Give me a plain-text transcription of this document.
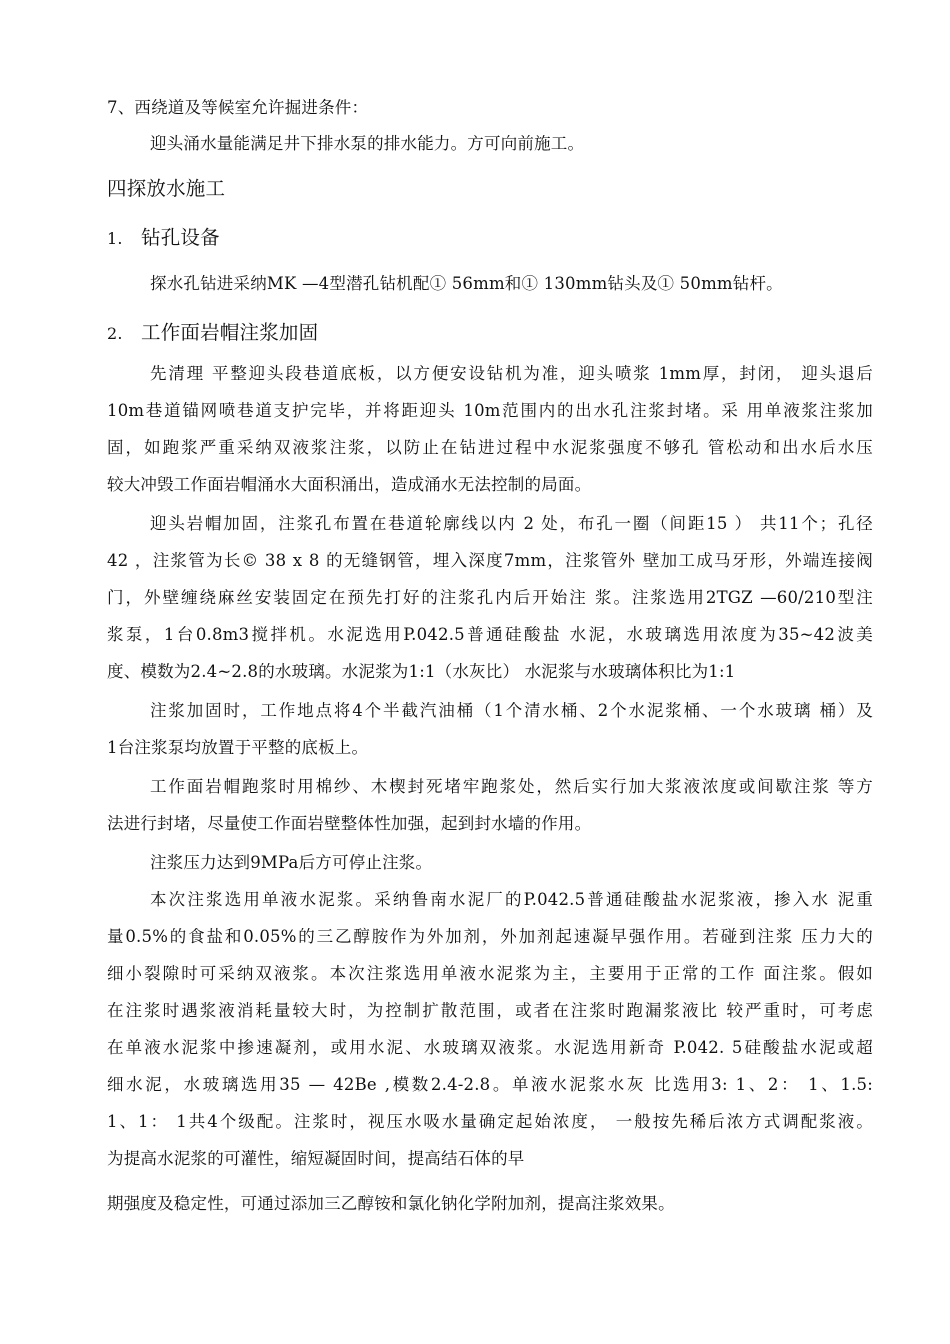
7、西绕道及等候室允许掘进条件：
迎头涌水量能满足井下排水泵的排水能力。方可向前施工。
四探放水施工
1. 钻孔设备
探水孔钻进采纳MK —4型潜孔钻机配① 56mm和① 130mm钻头及① 50mm钻杆。
2. 工作面岩帽注浆加固
先清理 平整迎头段巷道底板，以方便安设钻机为准，迎头喷浆 1mm厚，封闭， 迎头退后
10m巷道锚网喷巷道支护完毕，并将距迎头 10m范围内的出水孔注浆封堵。采 用单液浆注浆加
固，如跑浆严重采纳双液浆注浆，以防止在钻进过程中水泥浆强度不够孔 管松动和出水后水压
较大冲毁工作面岩帽涌水大面积涌出，造成涌水无法控制的局面。
迎头岩帽加固，注浆孔布置在巷道轮廓线以内 2 处，布孔一圈（间距15 ） 共11个；孔径
42 ，注浆管为长© 38 x 8 的无缝钢管，埋入深度7mm，注浆管外 壁加工成马牙形，外端连接阀
门，外壁缠绕麻丝安装固定在预先打好的注浆孔内后开始注 浆。注浆选用2TGZ —60/210型注
浆泵，1台0.8m3搅拌机。水泥选用P.042.5普通硅酸盐 水泥，水玻璃选用浓度为35~42波美
度、模数为2.4~2.8的水玻璃。水泥浆为1:1（水灰比） 水泥浆与水玻璃体积比为1:1
注浆加固时，工作地点将4个半截汽油桶（1个清水桶、2个水泥浆桶、一个水玻璃 桶）及
1台注浆泵均放置于平整的底板上。
工作面岩帽跑浆时用棉纱、木楔封死堵牢跑浆处，然后实行加大浆液浓度或间歇注浆 等方
法进行封堵，尽量使工作面岩壁整体性加强，起到封水墙的作用。
注浆压力达到9MPa后方可停止注浆。
本次注浆选用单液水泥浆。采纳鲁南水泥厂的P.042.5普通硅酸盐水泥浆液，掺入水 泥重
量0.5%的食盐和0.05%的三乙醇胺作为外加剂，外加剂起速凝早强作用。若碰到注浆 压力大的
细小裂隙时可采纳双液浆。本次注浆选用单液水泥浆为主，主要用于正常的工作 面注浆。假如
在注浆时遇浆液消耗量较大时，为控制扩散范围，或者在注浆时跑漏浆液比 较严重时，可考虑
在单液水泥浆中掺速凝剂，或用水泥、水玻璃双液浆。水泥选用新奇 P.042. 5硅酸盐水泥或超
细水泥，水玻璃选用35 — 42Be ,模数2.4-2.8。单液水泥浆水灰 比选用3: 1、2： 1、1.5:
1、1： 1共4个级配。注浆时，视压水吸水量确定起始浓度， 一般按先稀后浓方式调配浆液。
为提高水泥浆的可灌性，缩短凝固时间，提高结石体的早
期强度及稳定性，可通过添加三乙醇铵和氯化钠化学附加剂，提高注浆效果。
